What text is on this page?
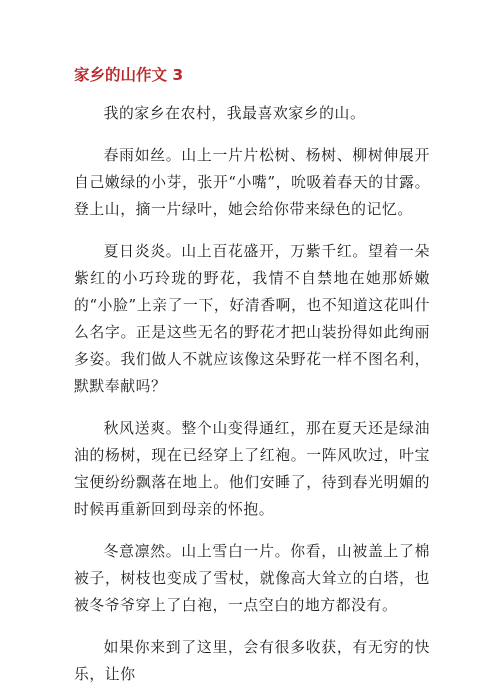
家乡的山作文 3

我的家乡在农村，我最喜欢家乡的山。

春雨如丝。山上一片片松树、杨树、柳树伸展开自己嫩绿的小芽，张开“小嘴”，吮吸着春天的甘露。登上山，摘一片绿叶，她会给你带来绿色的记忆。

夏日炎炎。山上百花盛开，万紫千红。望着一朵紫红的小巧玲珑的野花，我情不自禁地在她那娇嫩的“小脸”上亲了一下，好清香啊，也不知道这花叫什么名字。正是这些无名的野花才把山装扮得如此绚丽多姿。我们做人不就应该像这朵野花一样不图名利，默默奉献吗？

秋风送爽。整个山变得通红，那在夏天还是绿油油的杨树，现在已经穿上了红袍。一阵风吹过，叶宝宝便纷纷飘落在地上。他们安睡了，待到春光明媚的时候再重新回到母亲的怀抱。

冬意凛然。山上雪白一片。你看，山被盖上了棉被子，树枝也变成了雪杖，就像高大耸立的白塔，也被冬爷爷穿上了白袍，一点空白的地方都没有。

如果你来到了这里，会有很多收获，有无穷的快乐，让你
